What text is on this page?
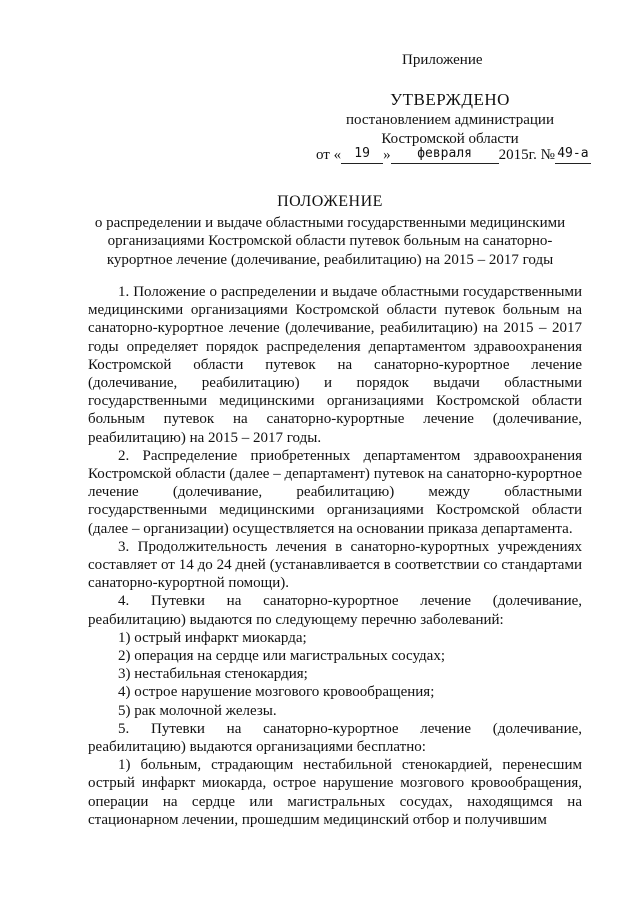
Приложение
УТВЕРЖДЕНО
постановлением администрации
Костромской области
от « 19 » февраля 2015г. № 49-а
ПОЛОЖЕНИЕ
о распределении и выдаче областными государственными медицинскими
организациями Костромской области путевок больным на санаторно-
курортное лечение (долечивание, реабилитацию) на 2015 – 2017 годы

1. Положение о распределении и выдаче областными государственными медицинскими организациями Костромской области путевок больным на санаторно-курортное лечение (долечивание, реабилитацию) на 2015 – 2017 годы определяет порядок распределения департаментом здравоохранения Костромской области путевок на санаторно-курортное лечение (долечивание, реабилитацию) и порядок выдачи областными государственными медицинскими организациями Костромской области больным путевок на санаторно-курортные лечение (долечивание, реабилитацию) на 2015 – 2017 годы.

2. Распределение приобретенных департаментом здравоохранения Костромской области (далее – департамент) путевок на санаторно-курортное лечение (долечивание, реабилитацию) между областными государственными медицинскими организациями Костромской области (далее – организации) осуществляется на основании приказа департамента.

3. Продолжительность лечения в санаторно-курортных учреждениях составляет от 14 до 24 дней (устанавливается в соответствии со стандартами санаторно-курортной помощи).

4. Путевки на санаторно-курортное лечение (долечивание, реабилитацию) выдаются по следующему перечню заболеваний:

1) острый инфаркт миокарда;

2) операция на сердце или магистральных сосудах;

3) нестабильная стенокардия;

4) острое нарушение мозгового кровообращения;

5) рак молочной железы.

5. Путевки на санаторно-курортное лечение (долечивание, реабилитацию) выдаются организациями бесплатно:

1) больным, страдающим нестабильной стенокардией, перенесшим острый инфаркт миокарда, острое нарушение мозгового кровообращения, операции на сердце или магистральных сосудах, находящимся на стационарном лечении, прошедшим медицинский отбор и получившим
